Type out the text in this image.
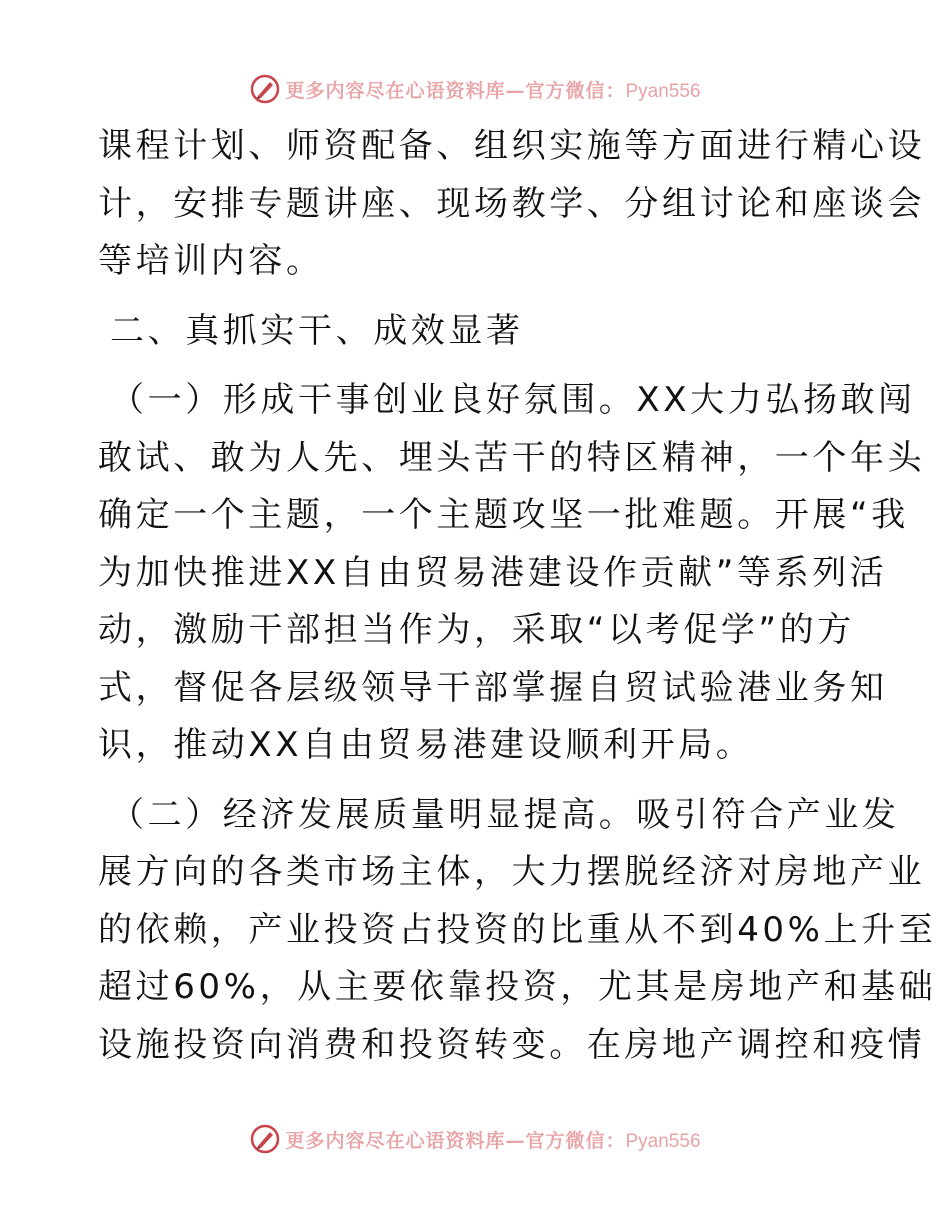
更多内容尽在心语资料库—官方微信：Pyan556
课程计划、师资配备、组织实施等方面进行精心设
计，安排专题讲座、现场教学、分组讨论和座谈会
等培训内容。
二、真抓实干、成效显著
（一）形成干事创业良好氛围。XX大力弘扬敢闯
敢试、敢为人先、埋头苦干的特区精神，一个年头
确定一个主题，一个主题攻坚一批难题。开展“我
为加快推进XX自由贸易港建设作贡献”等系列活
动，激励干部担当作为，采取“以考促学”的方
式，督促各层级领导干部掌握自贸试验港业务知
识，推动XX自由贸易港建设顺利开局。
（二）经济发展质量明显提高。吸引符合产业发
展方向的各类市场主体，大力摆脱经济对房地产业
的依赖，产业投资占投资的比重从不到40%上升至
超过60%，从主要依靠投资，尤其是房地产和基础
设施投资向消费和投资转变。在房地产调控和疫情
更多内容尽在心语资料库—官方微信：Pyan556
